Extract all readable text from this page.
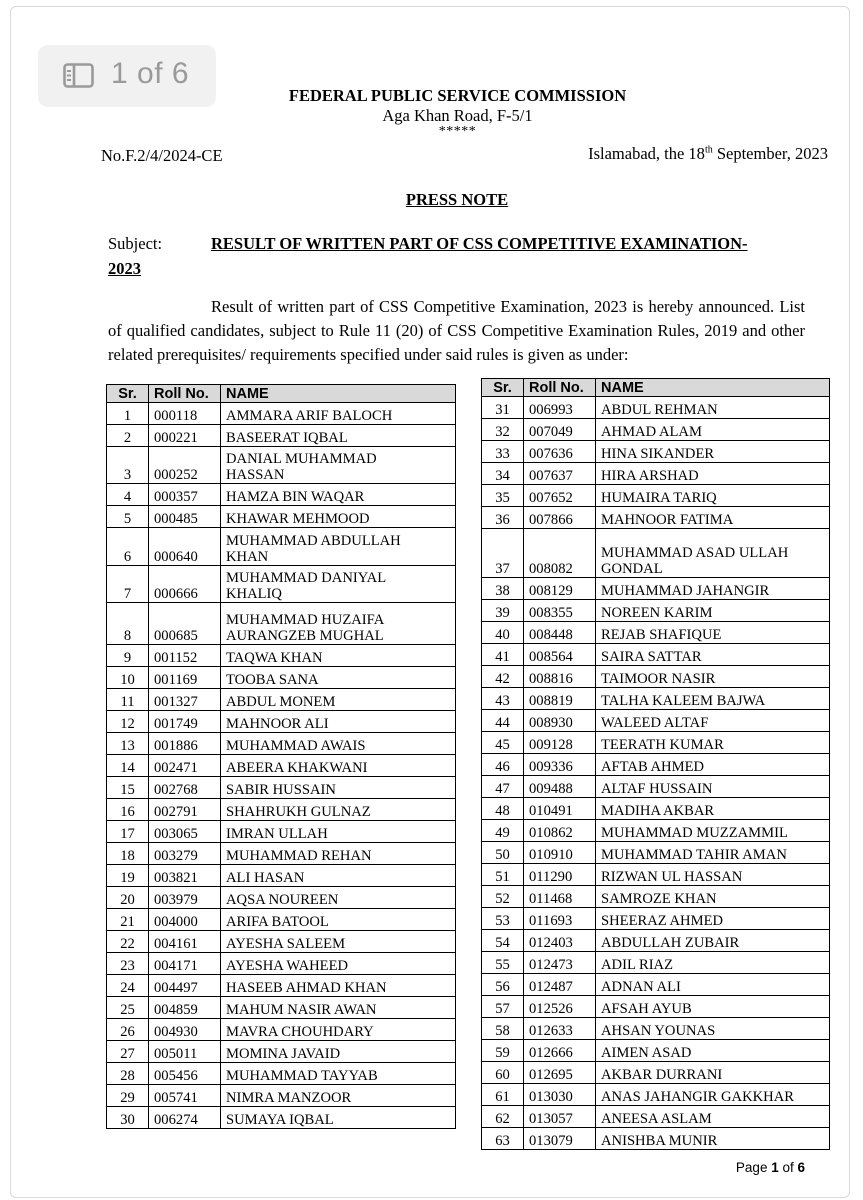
1 of 6
FEDERAL PUBLIC SERVICE COMMISSION
Aga Khan Road, F-5/1
*****
No.F.2/4/2024-CE	Islamabad, the 18th September, 2023
PRESS NOTE
Subject:	RESULT OF WRITTEN PART OF CSS COMPETITIVE EXAMINATION-
2023

Result of written part of CSS Competitive Examination, 2023 is hereby announced. List of qualified candidates, subject to Rule 11 (20) of CSS Competitive Examination Rules, 2019 and other related prerequisites/ requirements specified under said rules is given as under:

Sr.	Roll No.	NAME
1	000118	AMMARA ARIF BALOCH
2	000221	BASEERAT IQBAL
3	000252	DANIAL MUHAMMAD
HASSAN
4	000357	HAMZA BIN WAQAR
5	000485	KHAWAR MEHMOOD
6	000640	MUHAMMAD ABDULLAH
KHAN
7	000666	MUHAMMAD DANIYAL
KHALIQ
8	000685	MUHAMMAD HUZAIFA
AURANGZEB MUGHAL
9	001152	TAQWA KHAN
10	001169	TOOBA SANA
11	001327	ABDUL MONEM
12	001749	MAHNOOR ALI
13	001886	MUHAMMAD AWAIS
14	002471	ABEERA KHAKWANI
15	002768	SABIR HUSSAIN
16	002791	SHAHRUKH GULNAZ
17	003065	IMRAN ULLAH
18	003279	MUHAMMAD REHAN
19	003821	ALI HASAN
20	003979	AQSA NOUREEN
21	004000	ARIFA BATOOL
22	004161	AYESHA SALEEM
23	004171	AYESHA WAHEED
24	004497	HASEEB AHMAD KHAN
25	004859	MAHUM NASIR AWAN
26	004930	MAVRA CHOUHDARY
27	005011	MOMINA JAVAID
28	005456	MUHAMMAD TAYYAB
29	005741	NIMRA MANZOOR
30	006274	SUMAYA IQBAL
Sr.	Roll No.	NAME
31	006993	ABDUL REHMAN
32	007049	AHMAD ALAM
33	007636	HINA SIKANDER
34	007637	HIRA ARSHAD
35	007652	HUMAIRA TARIQ
36	007866	MAHNOOR FATIMA
37	008082	MUHAMMAD ASAD ULLAH
GONDAL
38	008129	MUHAMMAD JAHANGIR
39	008355	NOREEN KARIM
40	008448	REJAB SHAFIQUE
41	008564	SAIRA SATTAR
42	008816	TAIMOOR NASIR
43	008819	TALHA KALEEM BAJWA
44	008930	WALEED ALTAF
45	009128	TEERATH KUMAR
46	009336	AFTAB AHMED
47	009488	ALTAF HUSSAIN
48	010491	MADIHA AKBAR
49	010862	MUHAMMAD MUZZAMMIL
50	010910	MUHAMMAD TAHIR AMAN
51	011290	RIZWAN UL HASSAN
52	011468	SAMROZE KHAN
53	011693	SHEERAZ AHMED
54	012403	ABDULLAH ZUBAIR
55	012473	ADIL RIAZ
56	012487	ADNAN ALI
57	012526	AFSAH AYUB
58	012633	AHSAN YOUNAS
59	012666	AIMEN ASAD
60	012695	AKBAR DURRANI
61	013030	ANAS JAHANGIR GAKKHAR
62	013057	ANEESA ASLAM
63	013079	ANISHBA MUNIR
Page 1 of 6
